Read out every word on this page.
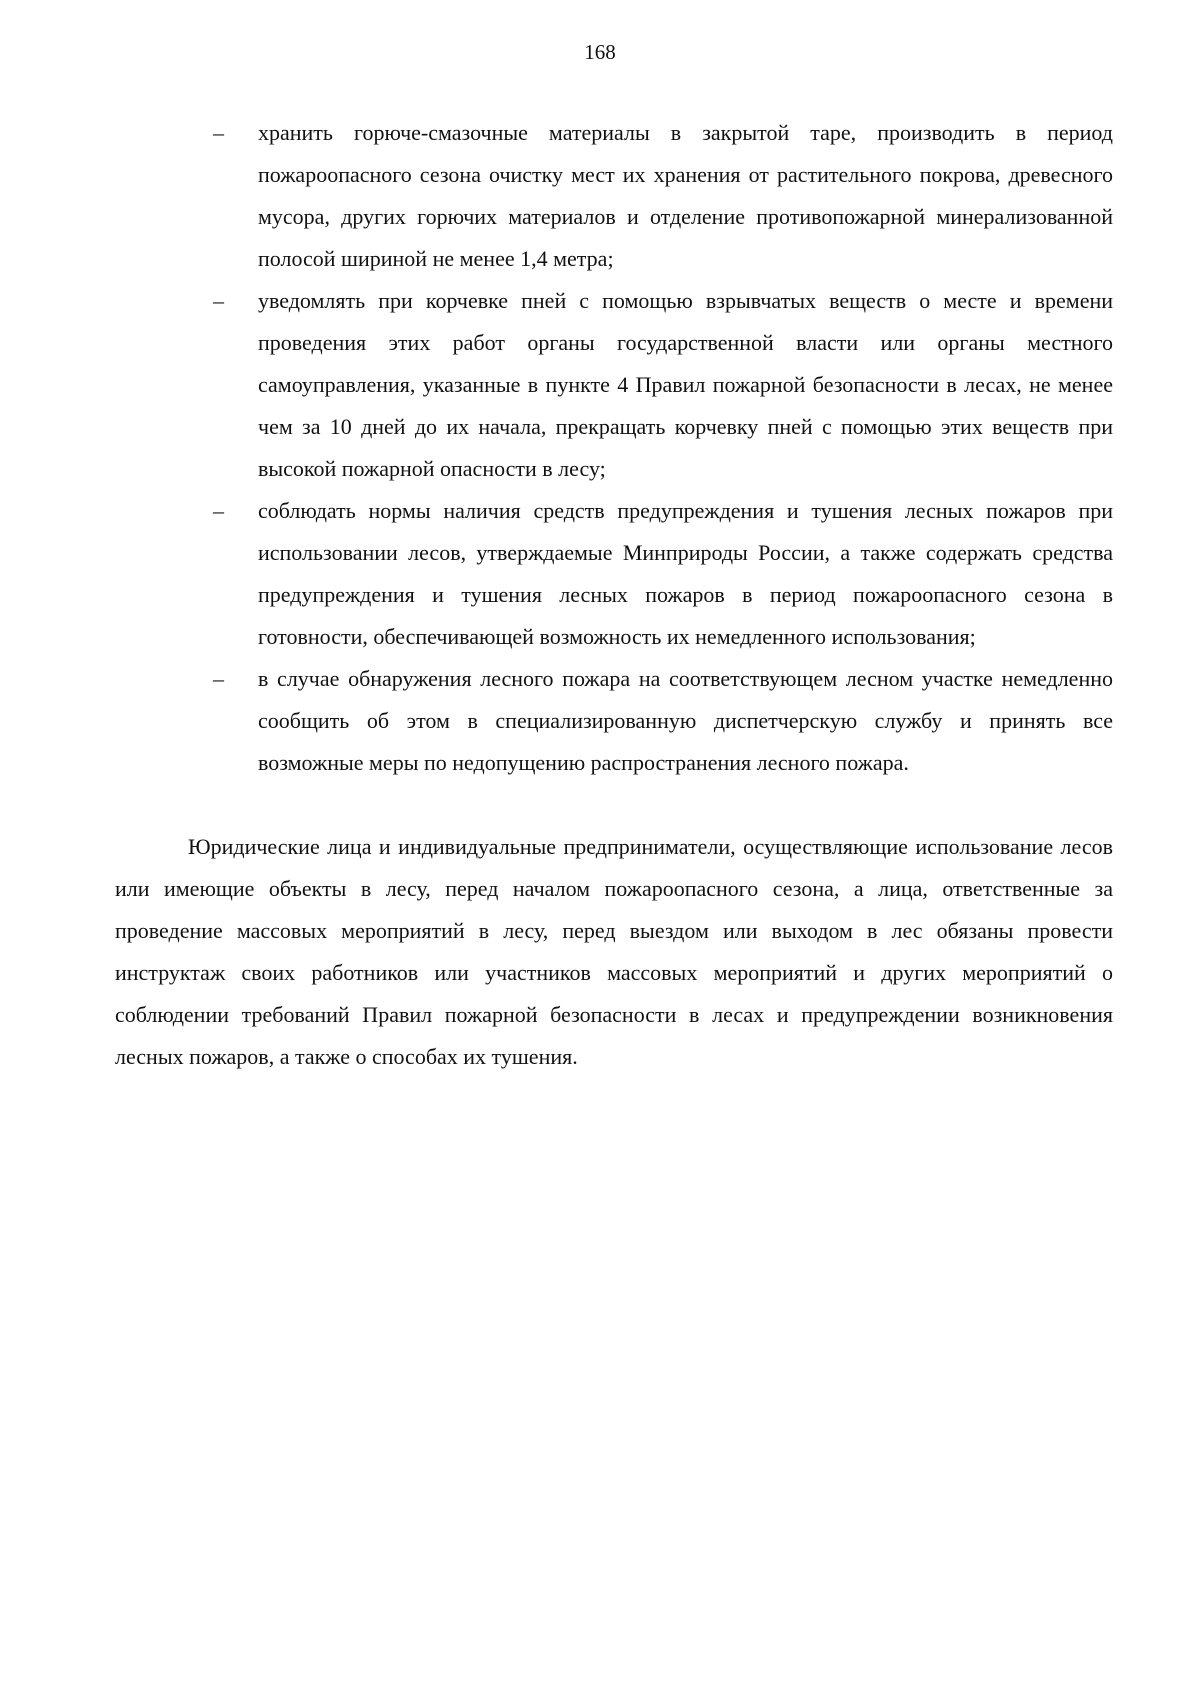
168
– хранить горюче-смазочные материалы в закрытой таре, производить в период пожароопасного сезона очистку мест их хранения от растительного покрова, древесного мусора, других горючих материалов и отделение противопожарной минерализованной полосой шириной не менее 1,4 метра;
– уведомлять при корчевке пней с помощью взрывчатых веществ о месте и времени проведения этих работ органы государственной власти или органы местного самоуправления, указанные в пункте 4 Правил пожарной безопасности в лесах, не менее чем за 10 дней до их начала, прекращать корчевку пней с помощью этих веществ при высокой пожарной опасности в лесу;
– соблюдать нормы наличия средств предупреждения и тушения лесных пожаров при использовании лесов, утверждаемые Минприроды России, а также содержать средства предупреждения и тушения лесных пожаров в период пожароопасного сезона в готовности, обеспечивающей возможность их немедленного использования;
– в случае обнаружения лесного пожара на соответствующем лесном участке немедленно сообщить об этом в специализированную диспетчерскую службу и принять все возможные меры по недопущению распространения лесного пожара.

Юридические лица и индивидуальные предприниматели, осуществляющие использование лесов или имеющие объекты в лесу, перед началом пожароопасного сезона, а лица, ответственные за проведение массовых мероприятий в лесу, перед выездом или выходом в лес обязаны провести инструктаж своих работников или участников массовых мероприятий и других мероприятий о соблюдении требований Правил пожарной безопасности в лесах и предупреждении возникновения лесных пожаров, а также о способах их тушения.
